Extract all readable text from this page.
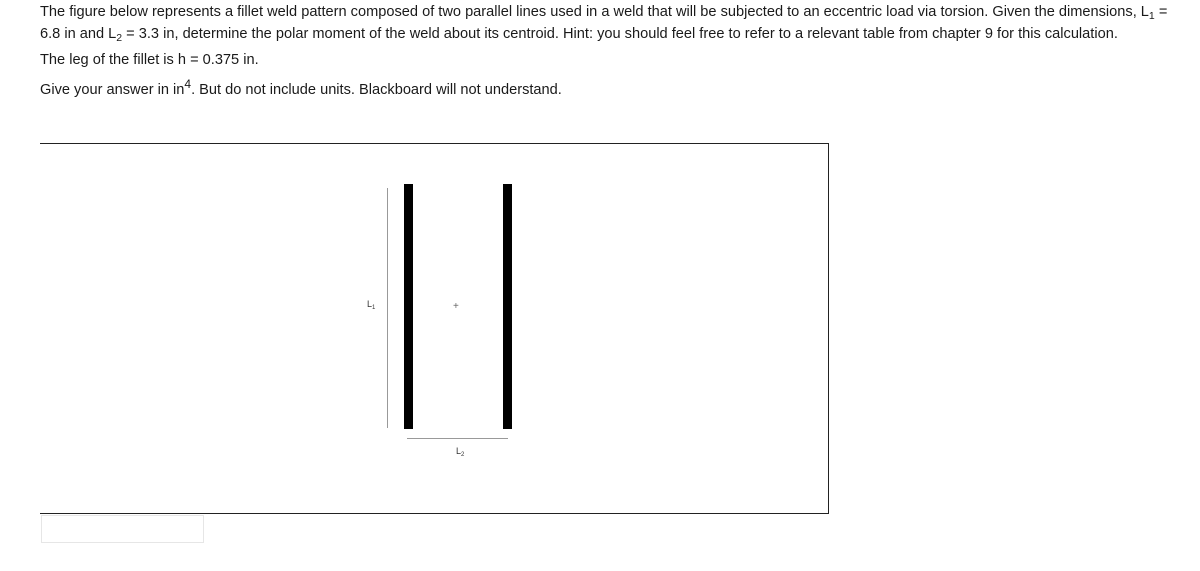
The figure below represents a fillet weld pattern composed of two parallel lines used in a weld that will be subjected to an eccentric load via torsion. Given the dimensions, $L_1 = 6.8$ in and $L_2 = 3.3$ in, determine the polar moment of the weld about its centroid. Hint: you should feel free to refer to a relevant table from chapter 9 for this calculation.

The leg of the fillet is h = 0.375 in.

Give your answer in $in^4$. But do not include units. Blackboard will not understand.

+
$L_1$
$L_2$
